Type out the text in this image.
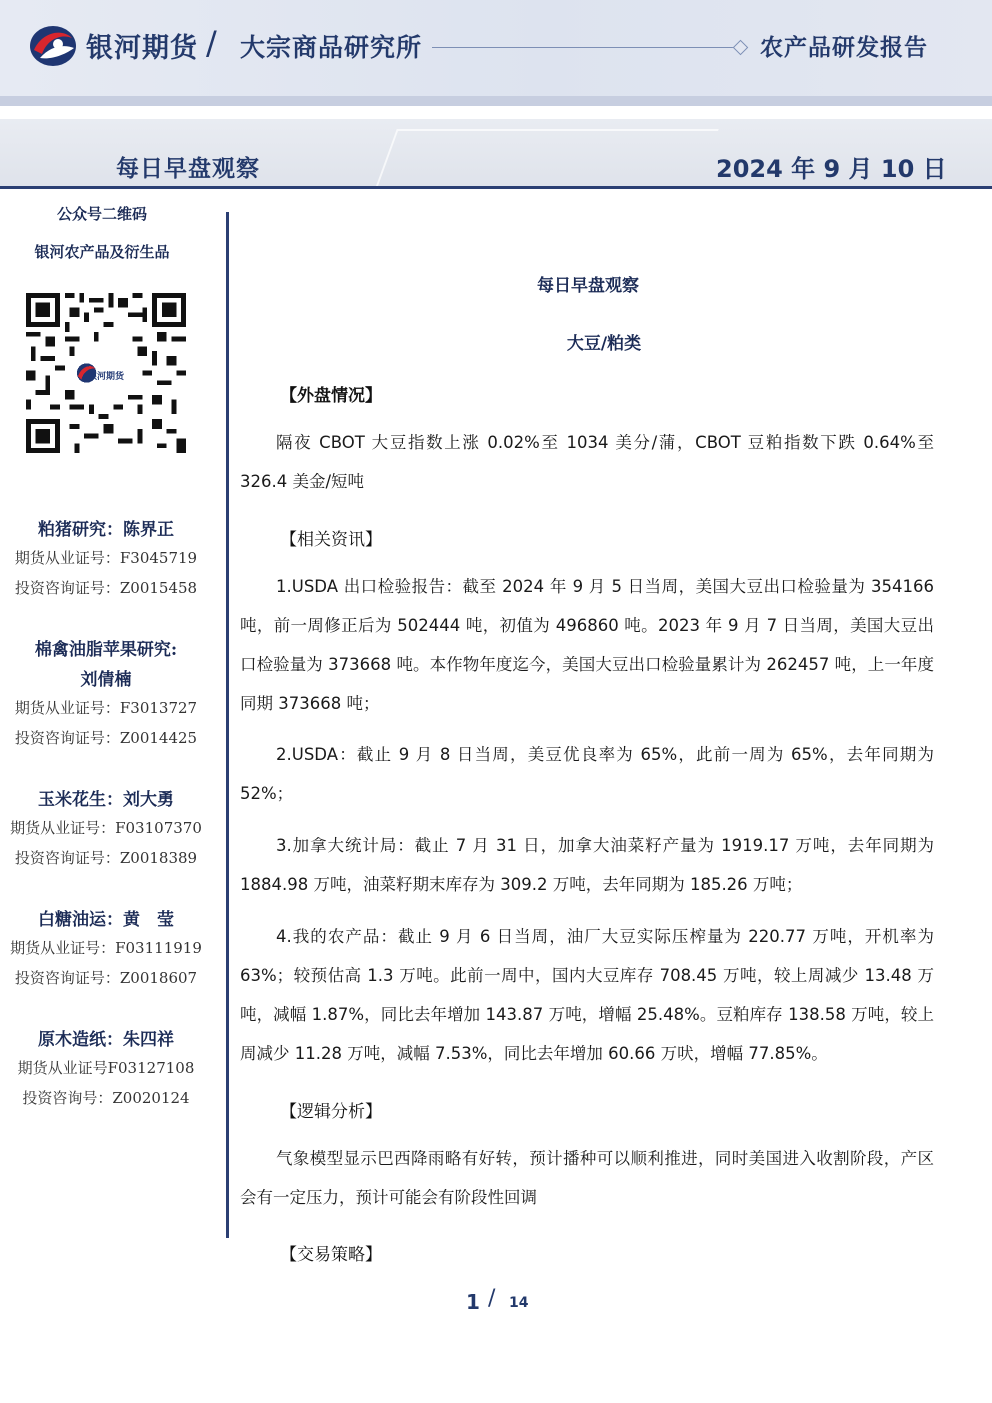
银河期货 / 大宗商品研究所	农产品研发报告
每日早盘观察	2024 年 9 月 10 日
公众号二维码
银河农产品及衍生品
银河期货
粕猪研究：陈界正
期货从业证号：F3045719
投资咨询证号：Z0015458
棉禽油脂苹果研究:
刘倩楠
期货从业证号：F3013727
投资咨询证号：Z0014425
玉米花生：刘大勇
期货从业证号：F03107370
投资咨询证号：Z0018389
白糖油运：黄　莹
期货从业证号：F03111919
投资咨询证号：Z0018607
原木造纸：朱四祥
期货从业证号F03127108
投资咨询号：Z0020124
每日早盘观察
大豆/粕类
【外盘情况】
隔夜 CBOT 大豆指数上涨 0.02%至 1034 美分/蒲，CBOT 豆粕指数下跌 0.64%至 326.4 美金/短吨
【相关资讯】
1.USDA 出口检验报告：截至 2024 年 9 月 5 日当周，美国大豆出口检验量为 354166 吨，前一周修正后为 502444 吨，初值为 496860 吨。2023 年 9 月 7 日当周，美国大豆出口检验量为 373668 吨。本作物年度迄今，美国大豆出口检验量累计为 262457 吨，上一年度同期 373668 吨；
2.USDA：截止 9 月 8 日当周，美豆优良率为 65%，此前一周为 65%，去年同期为 52%；
3.加拿大统计局：截止 7 月 31 日，加拿大油菜籽产量为 1919.17 万吨，去年同期为 1884.98 万吨，油菜籽期末库存为 309.2 万吨，去年同期为 185.26 万吨；
4.我的农产品：截止 9 月 6 日当周，油厂大豆实际压榨量为 220.77 万吨，开机率为 63%；较预估高 1.3 万吨。此前一周中，国内大豆库存 708.45 万吨，较上周减少 13.48 万吨，减幅 1.87%，同比去年增加 143.87 万吨，增幅 25.48%。豆粕库存 138.58 万吨，较上周减少 11.28 万吨，减幅 7.53%，同比去年增加 60.66 万吠，增幅 77.85%。
【逻辑分析】
气象模型显示巴西降雨略有好转，预计播种可以顺利推进，同时美国进入收割阶段，产区会有一定压力，预计可能会有阶段性回调
【交易策略】
1 / 14
